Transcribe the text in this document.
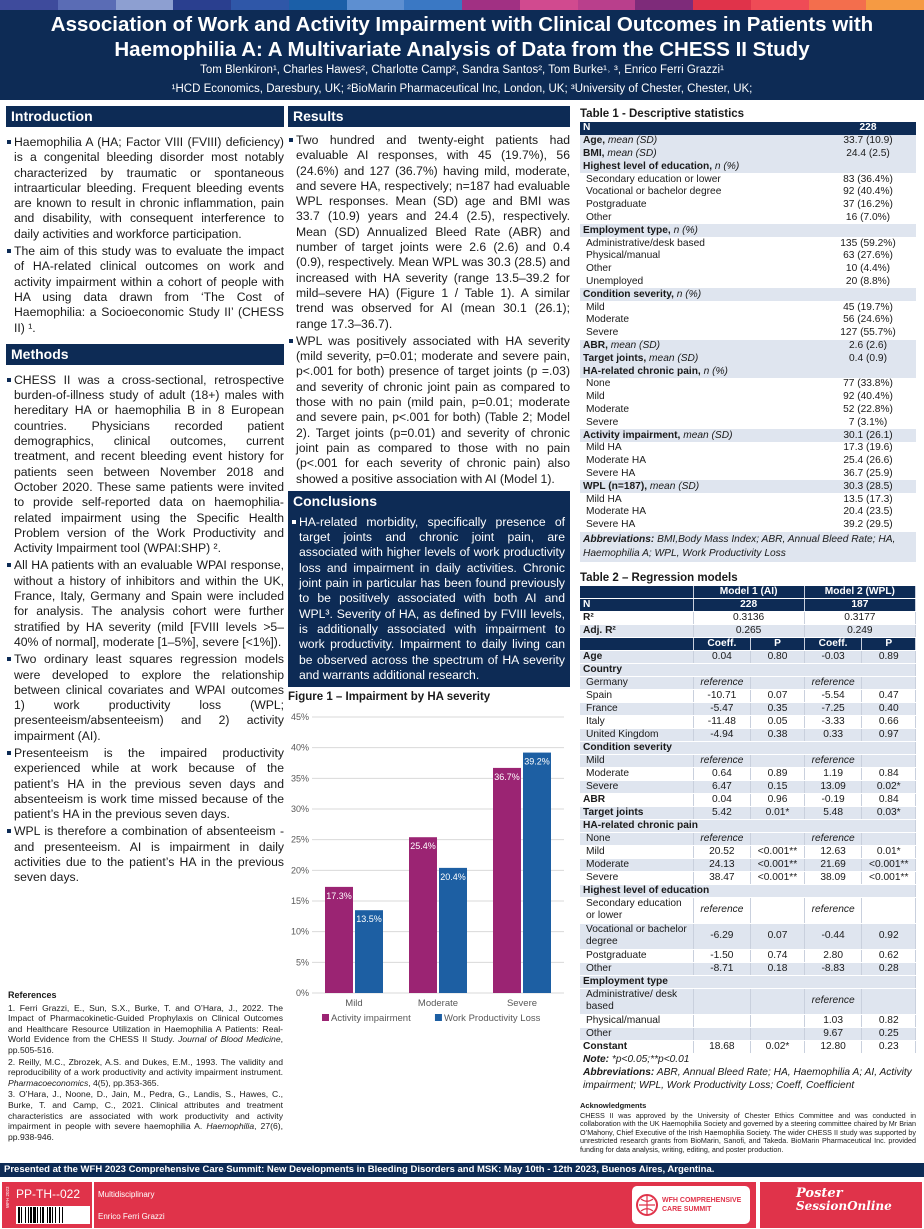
Association of Work and Activity Impairment with Clinical Outcomes in Patients with Haemophilia A: A Multivariate Analysis of Data from the CHESS II Study
Tom Blenkiron¹, Charles Hawes², Charlotte Camp², Sandra Santos², Tom Burke¹˒ ³, Enrico Ferri Grazzi¹
¹HCD Economics, Daresbury, UK; ²BioMarin Pharmaceutical Inc, London, UK; ³University of Chester, Chester, UK;
Introduction

Haemophilia A (HA; Factor VIII (FVIII) deficiency) is a congenital bleeding disorder most notably characterized by traumatic or spontaneous intraarticular bleeding. Frequent bleeding events are known to result in chronic inflammation, pain and disability, with consequent interference to daily activities and workforce participation.

The aim of this study was to evaluate the impact of HA-related clinical outcomes on work and activity impairment within a cohort of people with HA using data drawn from ‘The Cost of Haemophilia: a Socioeconomic Study II’ (CHESS II) ¹.

Methods

CHESS II was a cross-sectional, retrospective burden-of-illness study of adult (18+) males with hereditary HA or haemophilia B in 8 European countries. Physicians recorded patient demographics, clinical outcomes, current treatment, and recent bleeding event history for patients seen between November 2018 and October 2020. These same patients were invited to provide self-reported data on haemophilia-related impairment using the Specific Health Problem version of the Work Productivity and Activity Impairment tool (WPAI:SHP) ².

All HA patients with an evaluable WPAI response, without a history of inhibitors and within the UK, France, Italy, Germany and Spain were included for analysis. The analysis cohort were further stratified by HA severity (mild [FVIII levels >5–40% of normal], moderate [1–5%], severe [<1%]).

Two ordinary least squares regression models were developed to explore the relationship between clinical covariates and WPAI outcomes 1) work productivity loss (WPL; presenteeism/absenteeism) and 2) activity impairment (AI).

Presenteeism is the impaired productivity experienced while at work because of the patient’s HA in the previous seven days and absenteeism is work time missed because of the patient’s HA in the previous seven days.

WPL is therefore a combination of absenteeism -and presenteeism. AI is impairment in daily activities due to the patient’s HA in the previous seven days.

References
1. Ferri Grazzi, E., Sun, S.X., Burke, T. and O’Hara, J., 2022. The Impact of Pharmacokinetic-Guided Prophylaxis on Clinical Outcomes and Healthcare Resource Utilization in Haemophilia A Patients: Real-World Evidence from the CHESS II Study. Journal of Blood Medicine, pp.505-516.
2. Reilly, M.C., Zbrozek, A.S. and Dukes, E.M., 1993. The validity and reproducibility of a work productivity and activity impairment instrument. Pharmacoeconomics, 4(5), pp.353-365.
3. O’Hara, J., Noone, D., Jain, M., Pedra, G., Landis, S., Hawes, C., Burke, T. and Camp, C., 2021. Clinical attributes and treatment characteristics are associated with work productivity and activity impairment in people with severe haemophilia A. Haemophilia, 27(6), pp.938-946.
Results

Two hundred and twenty-eight patients had evaluable AI responses, with 45 (19.7%), 56 (24.6%) and 127 (36.7%) having mild, moderate, and severe HA, respectively; n=187 had evaluable WPL responses. Mean (SD) age and BMI was 33.7 (10.9) years and 24.4 (2.5), respectively. Mean (SD) Annualized Bleed Rate (ABR) and number of target joints were 2.6 (2.6) and 0.4 (0.9), respectively. Mean WPL was 30.3 (28.5) and increased with HA severity (range 13.5–39.2 for mild–severe HA) (Figure 1 / Table 1). A similar trend was observed for AI (mean 30.1 (26.1); range 17.3–36.7).

WPL was positively associated with HA severity (mild severity, p=0.01; moderate and severe pain, p<.001 for both) presence of target joints (p =.03) and severity of chronic joint pain as compared to those with no pain (mild pain, p=0.01; moderate and severe pain, p<.001 for both) (Table 2; Model 2). Target joints (p=0.01) and severity of chronic joint pain as compared to those with no pain (p<.001 for each severity of chronic pain) also showed a positive association with AI (Model 1).

Conclusions

HA-related morbidity, specifically presence of target joints and chronic joint pain, are associated with higher levels of work productivity loss and impairment in daily activities. Chronic joint pain in particular has been found previously to be positively associated with both AI and WPL³. Severity of HA, as defined by FVIII levels, is additionally associated with impairment to work productivity. Impairment to daily living can be observed across the spectrum of HA severity and warrants additional research.

Figure 1 – Impairment by HA severity
0%
5%
10%
15%
20%
25%
30%
35%
40%
45%
17.3%
13.5%
Mild
25.4%
20.4%
Moderate
36.7%
39.2%
Severe
Activity impairment	Work Productivity Loss
Table 1 - Descriptive statistics
N	228
Age, mean (SD)	33.7 (10.9)
BMI, mean (SD)	24.4 (2.5)
Highest level of education, n (%)	
Secondary education or lower	83 (36.4%)
Vocational or bachelor degree	92 (40.4%)
Postgraduate	37 (16.2%)
Other	16 (7.0%)
Employment type, n (%)	
Administrative/desk based	135 (59.2%)
Physical/manual	63 (27.6%)
Other	10 (4.4%)
Unemployed	20 (8.8%)
Condition severity, n (%)	
Mild	45 (19.7%)
Moderate	56 (24.6%)
Severe	127 (55.7%)
ABR, mean (SD)	2.6 (2.6)
Target joints, mean (SD)	0.4 (0.9)
HA-related chronic pain, n (%)	
None	77 (33.8%)
Mild	92 (40.4%)
Moderate	52 (22.8%)
Severe	7 (3.1%)
Activity impairment, mean (SD)	30.1 (26.1)
Mild HA	17.3 (19.6)
Moderate HA	25.4 (26.6)
Severe HA	36.7 (25.9)
WPL (n=187), mean (SD)	30.3 (28.5)
Mild HA	13.5 (17.3)
Moderate HA	20.4 (23.5)
Severe HA	39.2 (29.5)
Abbreviations: BMI,Body Mass Index; ABR, Annual Bleed Rate; HA, Haemophilia A; WPL, Work Productivity Loss
Table 2 – Regression models
	Model 1 (AI)		Model 2 (WPL)	
N	228		187	
R²	0.3136		0.3177	
Adj. R²	0.265		0.249	
	Coeff.	P	Coeff.	P
Age	0.04	0.80	-0.03	0.89
Country				
Germany	reference		reference	
Spain	-10.71	0.07	-5.54	0.47
France	-5.47	0.35	-7.25	0.40
Italy	-11.48	0.05	-3.33	0.66
United Kingdom	-4.94	0.38	0.33	0.97
Condition severity				
Mild	reference		reference	
Moderate	0.64	0.89	1.19	0.84
Severe	6.47	0.15	13.09	0.02*
ABR	0.04	0.96	-0.19	0.84
Target joints	5.42	0.01*	5.48	0.03*
HA-related chronic pain				
None	reference		reference	
Mild	20.52	<0.001**	12.63	0.01*
Moderate	24.13	<0.001**	21.69	<0.001**
Severe	38.47	<0.001**	38.09	<0.001**
Highest level of education				
Secondary education or lower	reference		reference	
Vocational or bachelor degree	-6.29	0.07	-0.44	0.92
Postgraduate	-1.50	0.74	2.80	0.62
Other	-8.71	0.18	-8.83	0.28
Employment type				
Administrative/ desk based			reference	
Physical/manual			1.03	0.82
Other			9.67	0.25
Constant	18.68	0.02*	12.80	0.23
Note: *p<0.05;**p<0.01
Abbreviations: ABR, Annual Bleed Rate; HA, Haemophilia A; AI, Activity impairment; WPL, Work Productivity Loss; Coeff, Coefficient
Acknowledgments
CHESS II was approved by the University of Chester Ethics Committee and was conducted in collaboration with the UK Haemophilia Society and governed by a steering committee chaired by Mr Brian O’Mahony, Chief Executive of the Irish Haemophilia Society. The wider CHESS II study was supported by unrestricted research grants from BioMarin, Sanofi, and Takeda. BioMarin Pharmaceutical Inc. provided funding for data analysis, writing, editing, and poster production.
Presented at the WFH 2023 Comprehensive Care Summit: New Developments in Bleeding Disorders and MSK: May 10th - 12th 2023, Buenos Aires, Argentina.
WFH 2023 PP-TH--022 Multidisciplinary
Enrico Ferri Grazzi
WFH COMPREHENSIVE
CARE SUMMIT
Poster
SessionOnline
